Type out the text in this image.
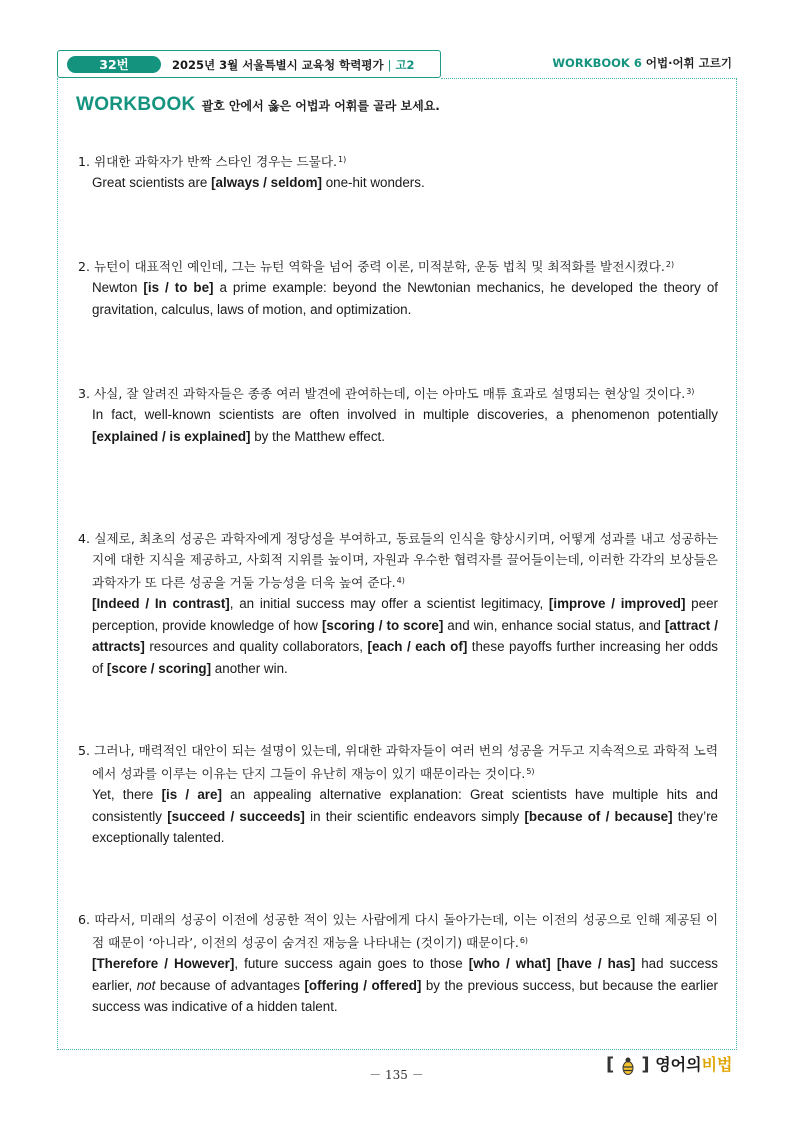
32번	2025년 3월 서울특별시 교육청 학력평가 | 고2	WORKBOOK 6 어법·어휘 고르기
WORKBOOK 괄호 안에서 옳은 어법과 어휘를 골라 보세요.
1. 위대한 과학자가 반짝 스타인 경우는 드물다.$^{1)}$
Great scientists are [always / seldom] one-hit wonders.
2. 뉴턴이 대표적인 예인데, 그는 뉴턴 역학을 넘어 중력 이론, 미적분학, 운동 법칙 및 최적화를 발전시켰다.$^{2)}$
Newton [is / to be] a prime example: beyond the Newtonian mechanics, he developed the theory of gravitation, calculus, laws of motion, and optimization.
3. 사실, 잘 알려진 과학자들은 종종 여러 발견에 관여하는데, 이는 아마도 매튜 효과로 설명되는 현상일 것이다.$^{3)}$
In fact, well-known scientists are often involved in multiple discoveries, a phenomenon potentially [explained / is explained] by the Matthew effect.
4. 실제로, 최초의 성공은 과학자에게 정당성을 부여하고, 동료들의 인식을 향상시키며, 어떻게 성과를 내고 성공하는지에 대한 지식을 제공하고, 사회적 지위를 높이며, 자원과 우수한 협력자를 끌어들이는데, 이러한 각각의 보상들은 과학자가 또 다른 성공을 거둘 가능성을 더욱 높여 준다.$^{4)}$
[Indeed / In contrast], an initial success may offer a scientist legitimacy, [improve / improved] peer perception, provide knowledge of how [scoring / to score] and win, enhance social status, and [attract / attracts] resources and quality collaborators, [each / each of] these payoffs further increasing her odds of [score / scoring] another win.
5. 그러나, 매력적인 대안이 되는 설명이 있는데, 위대한 과학자들이 여러 번의 성공을 거두고 지속적으로 과학적 노력에서 성과를 이루는 이유는 단지 그들이 유난히 재능이 있기 때문이라는 것이다.$^{5)}$
Yet, there [is / are] an appealing alternative explanation: Great scientists have multiple hits and consistently [succeed / succeeds] in their scientific endeavors simply [because of / because] they’re exceptionally talented.
6. 따라서, 미래의 성공이 이전에 성공한 적이 있는 사람에게 다시 돌아가는데, 이는 이전의 성공으로 인해 제공된 이점 때문이 ‘아니라’, 이전의 성공이 숨겨진 재능을 나타내는 (것이기) 때문이다.$^{6)}$
[Therefore / However], future success again goes to those [who / what] [have / has] had success earlier, not because of advantages [offering / offered] by the previous success, but because the earlier success was indicative of a hidden talent.
[ ] 영어의비법
－ 135 －
